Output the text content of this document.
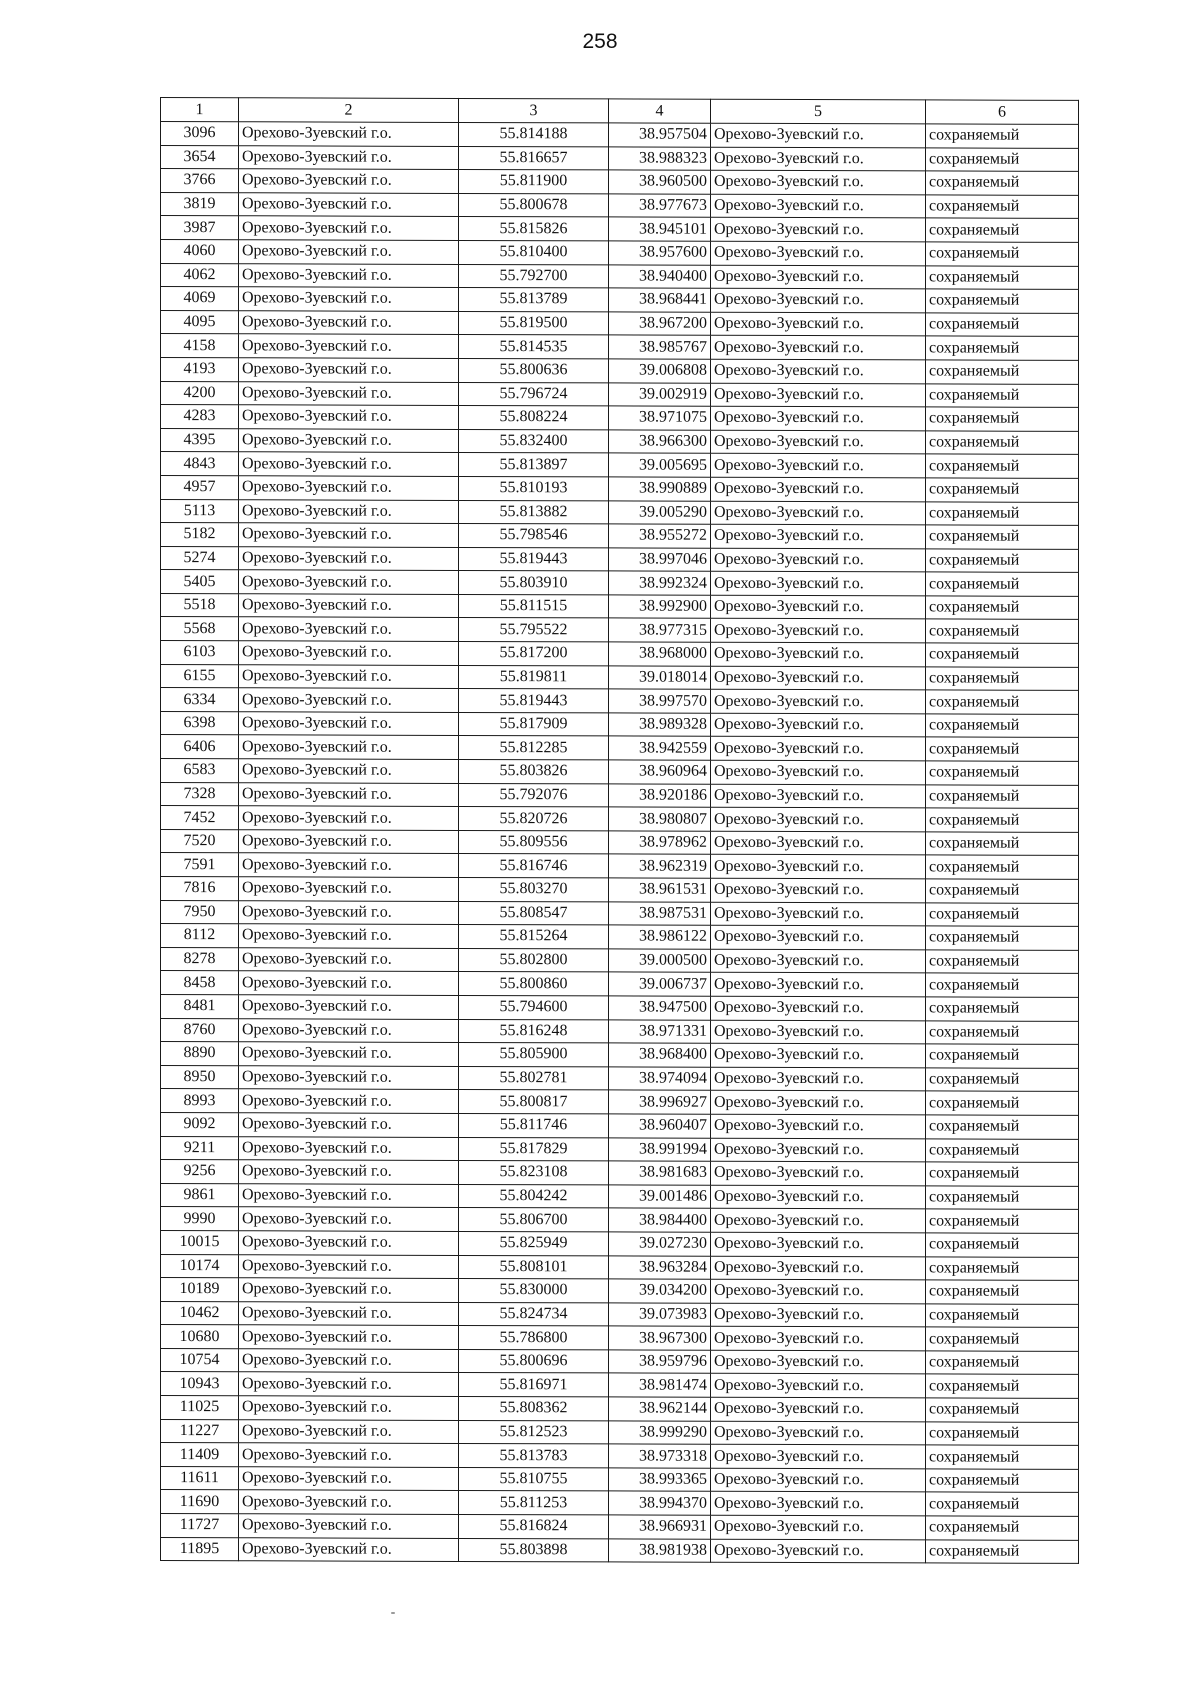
258
1	2	3	4	5	6
3096	Орехово-Зуевский г.о.	55.814188	38.957504	Орехово-Зуевский г.о.	сохраняемый
3654	Орехово-Зуевский г.о.	55.816657	38.988323	Орехово-Зуевский г.о.	сохраняемый
3766	Орехово-Зуевский г.о.	55.811900	38.960500	Орехово-Зуевский г.о.	сохраняемый
3819	Орехово-Зуевский г.о.	55.800678	38.977673	Орехово-Зуевский г.о.	сохраняемый
3987	Орехово-Зуевский г.о.	55.815826	38.945101	Орехово-Зуевский г.о.	сохраняемый
4060	Орехово-Зуевский г.о.	55.810400	38.957600	Орехово-Зуевский г.о.	сохраняемый
4062	Орехово-Зуевский г.о.	55.792700	38.940400	Орехово-Зуевский г.о.	сохраняемый
4069	Орехово-Зуевский г.о.	55.813789	38.968441	Орехово-Зуевский г.о.	сохраняемый
4095	Орехово-Зуевский г.о.	55.819500	38.967200	Орехово-Зуевский г.о.	сохраняемый
4158	Орехово-Зуевский г.о.	55.814535	38.985767	Орехово-Зуевский г.о.	сохраняемый
4193	Орехово-Зуевский г.о.	55.800636	39.006808	Орехово-Зуевский г.о.	сохраняемый
4200	Орехово-Зуевский г.о.	55.796724	39.002919	Орехово-Зуевский г.о.	сохраняемый
4283	Орехово-Зуевский г.о.	55.808224	38.971075	Орехово-Зуевский г.о.	сохраняемый
4395	Орехово-Зуевский г.о.	55.832400	38.966300	Орехово-Зуевский г.о.	сохраняемый
4843	Орехово-Зуевский г.о.	55.813897	39.005695	Орехово-Зуевский г.о.	сохраняемый
4957	Орехово-Зуевский г.о.	55.810193	38.990889	Орехово-Зуевский г.о.	сохраняемый
5113	Орехово-Зуевский г.о.	55.813882	39.005290	Орехово-Зуевский г.о.	сохраняемый
5182	Орехово-Зуевский г.о.	55.798546	38.955272	Орехово-Зуевский г.о.	сохраняемый
5274	Орехово-Зуевский г.о.	55.819443	38.997046	Орехово-Зуевский г.о.	сохраняемый
5405	Орехово-Зуевский г.о.	55.803910	38.992324	Орехово-Зуевский г.о.	сохраняемый
5518	Орехово-Зуевский г.о.	55.811515	38.992900	Орехово-Зуевский г.о.	сохраняемый
5568	Орехово-Зуевский г.о.	55.795522	38.977315	Орехово-Зуевский г.о.	сохраняемый
6103	Орехово-Зуевский г.о.	55.817200	38.968000	Орехово-Зуевский г.о.	сохраняемый
6155	Орехово-Зуевский г.о.	55.819811	39.018014	Орехово-Зуевский г.о.	сохраняемый
6334	Орехово-Зуевский г.о.	55.819443	38.997570	Орехово-Зуевский г.о.	сохраняемый
6398	Орехово-Зуевский г.о.	55.817909	38.989328	Орехово-Зуевский г.о.	сохраняемый
6406	Орехово-Зуевский г.о.	55.812285	38.942559	Орехово-Зуевский г.о.	сохраняемый
6583	Орехово-Зуевский г.о.	55.803826	38.960964	Орехово-Зуевский г.о.	сохраняемый
7328	Орехово-Зуевский г.о.	55.792076	38.920186	Орехово-Зуевский г.о.	сохраняемый
7452	Орехово-Зуевский г.о.	55.820726	38.980807	Орехово-Зуевский г.о.	сохраняемый
7520	Орехово-Зуевский г.о.	55.809556	38.978962	Орехово-Зуевский г.о.	сохраняемый
7591	Орехово-Зуевский г.о.	55.816746	38.962319	Орехово-Зуевский г.о.	сохраняемый
7816	Орехово-Зуевский г.о.	55.803270	38.961531	Орехово-Зуевский г.о.	сохраняемый
7950	Орехово-Зуевский г.о.	55.808547	38.987531	Орехово-Зуевский г.о.	сохраняемый
8112	Орехово-Зуевский г.о.	55.815264	38.986122	Орехово-Зуевский г.о.	сохраняемый
8278	Орехово-Зуевский г.о.	55.802800	39.000500	Орехово-Зуевский г.о.	сохраняемый
8458	Орехово-Зуевский г.о.	55.800860	39.006737	Орехово-Зуевский г.о.	сохраняемый
8481	Орехово-Зуевский г.о.	55.794600	38.947500	Орехово-Зуевский г.о.	сохраняемый
8760	Орехово-Зуевский г.о.	55.816248	38.971331	Орехово-Зуевский г.о.	сохраняемый
8890	Орехово-Зуевский г.о.	55.805900	38.968400	Орехово-Зуевский г.о.	сохраняемый
8950	Орехово-Зуевский г.о.	55.802781	38.974094	Орехово-Зуевский г.о.	сохраняемый
8993	Орехово-Зуевский г.о.	55.800817	38.996927	Орехово-Зуевский г.о.	сохраняемый
9092	Орехово-Зуевский г.о.	55.811746	38.960407	Орехово-Зуевский г.о.	сохраняемый
9211	Орехово-Зуевский г.о.	55.817829	38.991994	Орехово-Зуевский г.о.	сохраняемый
9256	Орехово-Зуевский г.о.	55.823108	38.981683	Орехово-Зуевский г.о.	сохраняемый
9861	Орехово-Зуевский г.о.	55.804242	39.001486	Орехово-Зуевский г.о.	сохраняемый
9990	Орехово-Зуевский г.о.	55.806700	38.984400	Орехово-Зуевский г.о.	сохраняемый
10015	Орехово-Зуевский г.о.	55.825949	39.027230	Орехово-Зуевский г.о.	сохраняемый
10174	Орехово-Зуевский г.о.	55.808101	38.963284	Орехово-Зуевский г.о.	сохраняемый
10189	Орехово-Зуевский г.о.	55.830000	39.034200	Орехово-Зуевский г.о.	сохраняемый
10462	Орехово-Зуевский г.о.	55.824734	39.073983	Орехово-Зуевский г.о.	сохраняемый
10680	Орехово-Зуевский г.о.	55.786800	38.967300	Орехово-Зуевский г.о.	сохраняемый
10754	Орехово-Зуевский г.о.	55.800696	38.959796	Орехово-Зуевский г.о.	сохраняемый
10943	Орехово-Зуевский г.о.	55.816971	38.981474	Орехово-Зуевский г.о.	сохраняемый
11025	Орехово-Зуевский г.о.	55.808362	38.962144	Орехово-Зуевский г.о.	сохраняемый
11227	Орехово-Зуевский г.о.	55.812523	38.999290	Орехово-Зуевский г.о.	сохраняемый
11409	Орехово-Зуевский г.о.	55.813783	38.973318	Орехово-Зуевский г.о.	сохраняемый
11611	Орехово-Зуевский г.о.	55.810755	38.993365	Орехово-Зуевский г.о.	сохраняемый
11690	Орехово-Зуевский г.о.	55.811253	38.994370	Орехово-Зуевский г.о.	сохраняемый
11727	Орехово-Зуевский г.о.	55.816824	38.966931	Орехово-Зуевский г.о.	сохраняемый
11895	Орехово-Зуевский г.о.	55.803898	38.981938	Орехово-Зуевский г.о.	сохраняемый
